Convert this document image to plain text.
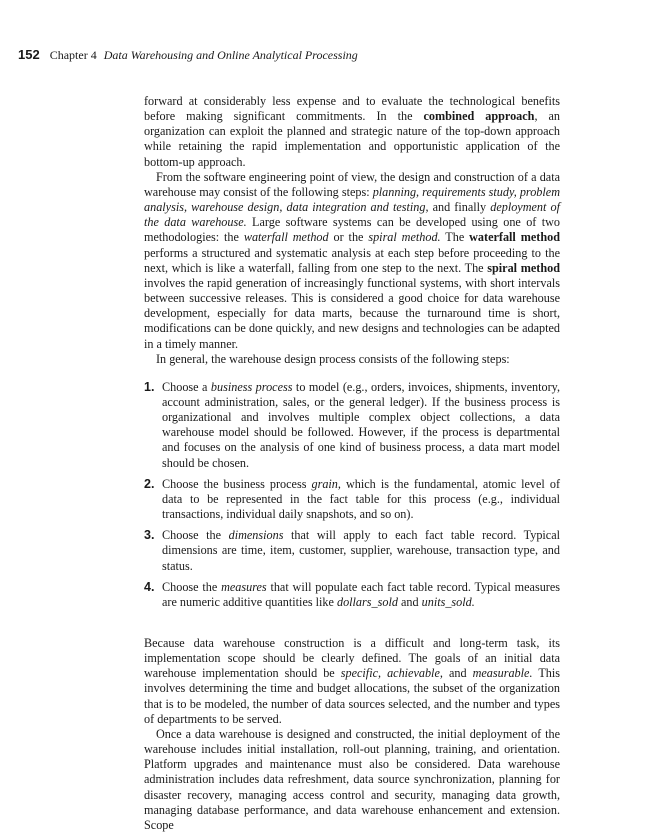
152 Chapter 4 Data Warehousing and Online Analytical Processing

forward at considerably less expense and to evaluate the technological benefits before making significant commitments. In the combined approach, an organization can exploit the planned and strategic nature of the top-down approach while retaining the rapid implementation and opportunistic application of the bottom-up approach.

From the software engineering point of view, the design and construction of a data warehouse may consist of the following steps: planning, requirements study, problem analysis, warehouse design, data integration and testing, and finally deployment of the data warehouse. Large software systems can be developed using one of two methodologies: the waterfall method or the spiral method. The waterfall method performs a structured and systematic analysis at each step before proceeding to the next, which is like a waterfall, falling from one step to the next. The spiral method involves the rapid generation of increasingly functional systems, with short intervals between successive releases. This is considered a good choice for data warehouse development, especially for data marts, because the turnaround time is short, modifications can be done quickly, and new designs and technologies can be adapted in a timely manner.

In general, the warehouse design process consists of the following steps:

1. Choose a business process to model (e.g., orders, invoices, shipments, inventory, account administration, sales, or the general ledger). If the business process is organizational and involves multiple complex object collections, a data warehouse model should be followed. However, if the process is departmental and focuses on the analysis of one kind of business process, a data mart model should be chosen.
2. Choose the business process grain, which is the fundamental, atomic level of data to be represented in the fact table for this process (e.g., individual transactions, individual daily snapshots, and so on).
3. Choose the dimensions that will apply to each fact table record. Typical dimensions are time, item, customer, supplier, warehouse, transaction type, and status.
4. Choose the measures that will populate each fact table record. Typical measures are numeric additive quantities like dollars_sold and units_sold.

Because data warehouse construction is a difficult and long-term task, its implementation scope should be clearly defined. The goals of an initial data warehouse implementation should be specific, achievable, and measurable. This involves determining the time and budget allocations, the subset of the organization that is to be modeled, the number of data sources selected, and the number and types of departments to be served.

Once a data warehouse is designed and constructed, the initial deployment of the warehouse includes initial installation, roll-out planning, training, and orientation. Platform upgrades and maintenance must also be considered. Data warehouse administration includes data refreshment, data source synchronization, planning for disaster recovery, managing access control and security, managing data growth, managing database performance, and data warehouse enhancement and extension. Scope
